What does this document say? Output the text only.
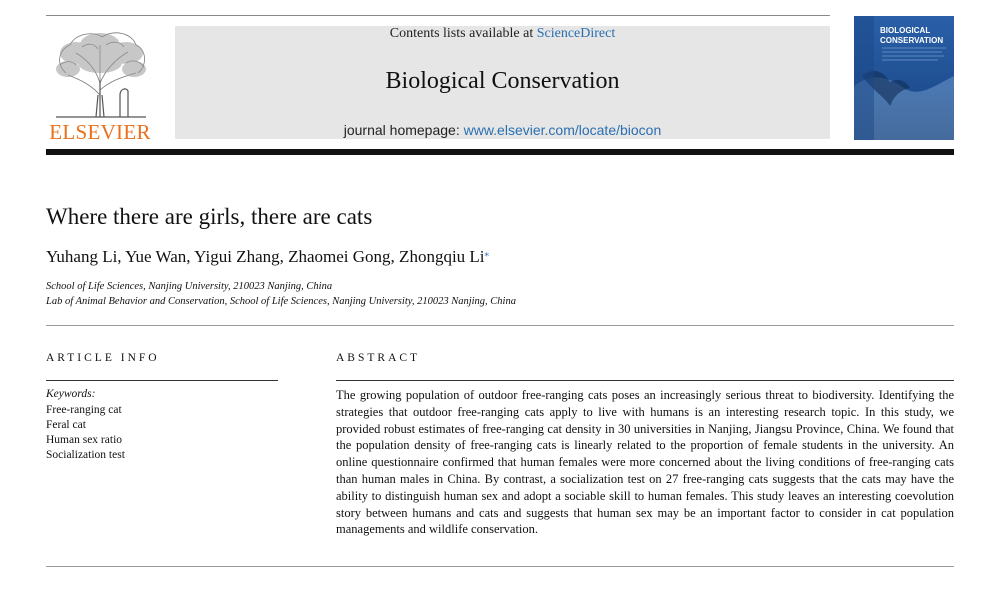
ELSEVIER
Contents lists available at ScienceDirect
Biological Conservation
journal homepage: www.elsevier.com/locate/biocon
BIOLOGICAL
CONSERVATION
Where there are girls, there are cats
Yuhang Li, Yue Wan, Yigui Zhang, Zhaomei Gong, Zhongqiu Li⁎
School of Life Sciences, Nanjing University, 210023 Nanjing, China
Lab of Animal Behavior and Conservation, School of Life Sciences, Nanjing University, 210023 Nanjing, China
ARTICLE INFO
Keywords:
Free-ranging cat
Feral cat
Human sex ratio
Socialization test
ABSTRACT

The growing population of outdoor free-ranging cats poses an increasingly serious threat to biodiversity. Identifying the strategies that outdoor free-ranging cats apply to live with humans is an interesting research topic. In this study, we provided robust estimates of free-ranging cat density in 30 universities in Nanjing, Jiangsu Province, China. We found that the population density of free-ranging cats is linearly related to the proportion of female students in the university. An online questionnaire confirmed that human females were more concerned about the living conditions of free-ranging cats than human males in China. By contrast, a socialization test on 27 free-ranging cats suggests that the cats may have the ability to distinguish human sex and adopt a sociable skill to human females. This study leaves an interesting coevolution story between humans and cats and suggests that human sex may be an important factor to consider in cat population managements and wildlife conservation.
